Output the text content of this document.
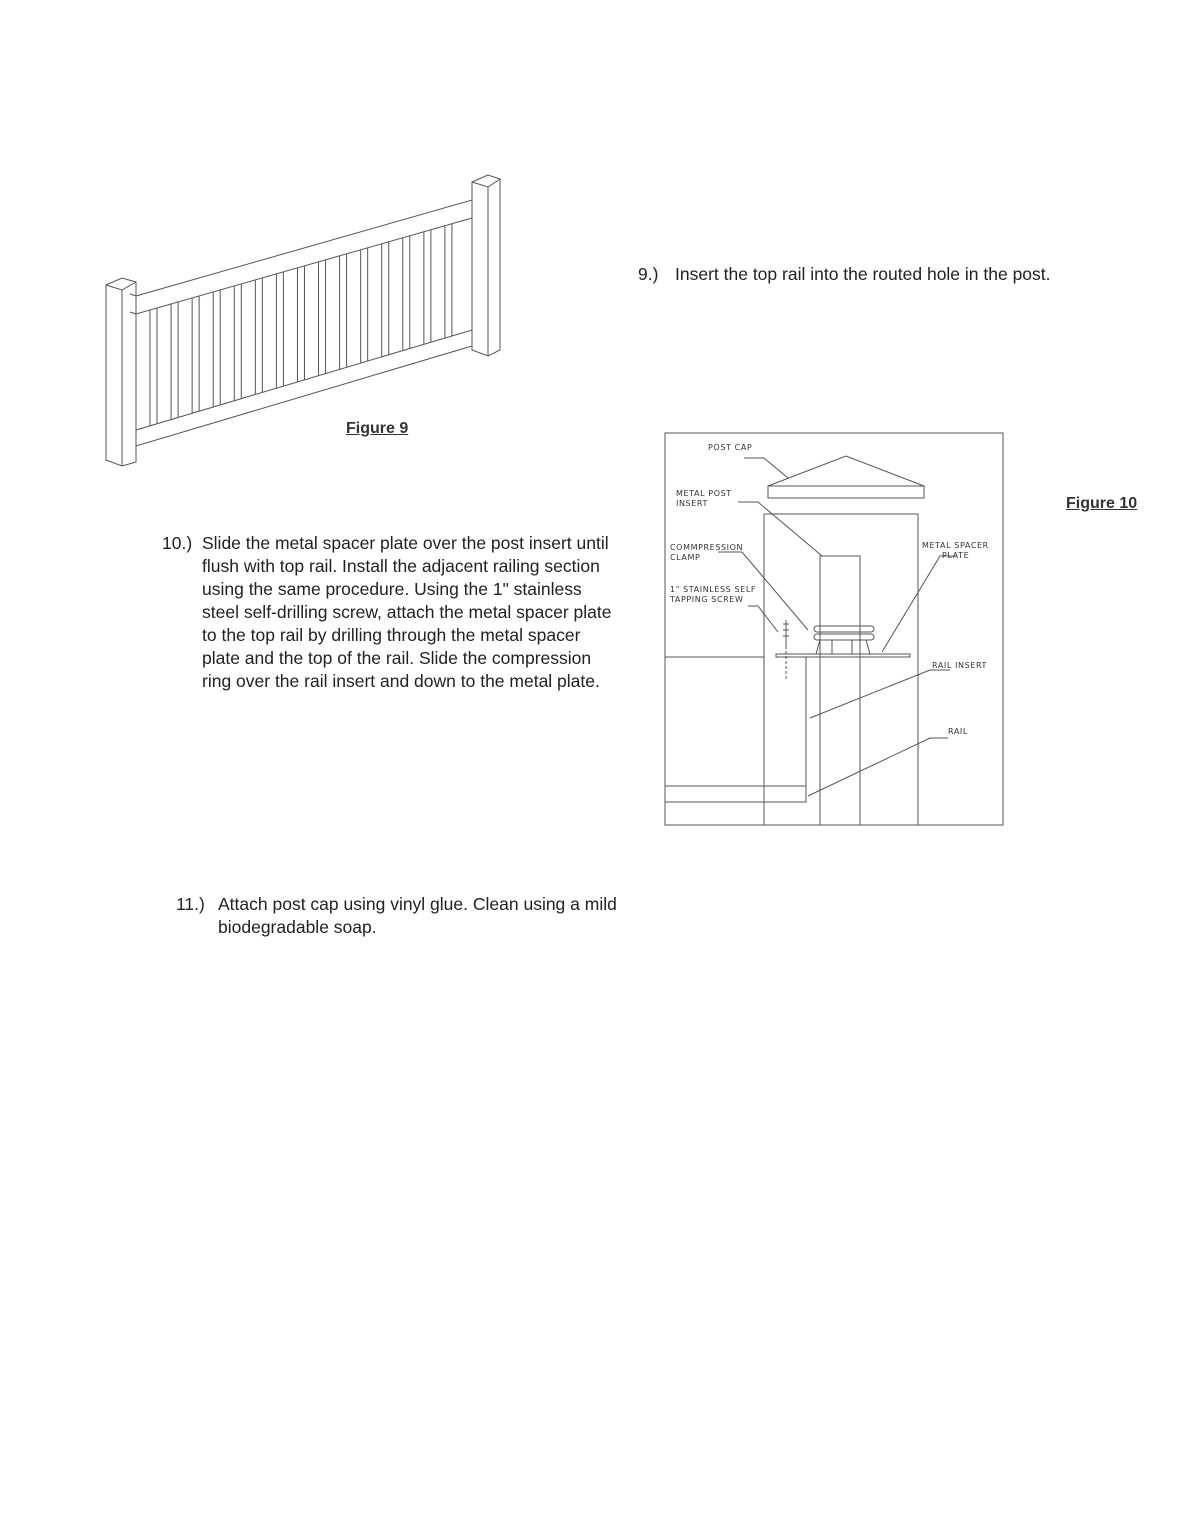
Figure 9
9.) Insert the top rail into the routed hole in the post.
POST CAP
METAL POST
INSERT
COMMPRESSION
CLAMP
1" STAINLESS SELF
TAPPING SCREW
METAL SPACER
PLATE
RAIL INSERT
RAIL
Figure 10
10.) Slide the metal spacer plate over the post insert until flush with top rail. Install the adjacent railing section using the same procedure. Using the 1" stainless steel self-drilling screw, attach the metal spacer plate to the top rail by drilling through the metal spacer plate and the top of the rail. Slide the compression ring over the rail insert and down to the metal plate.
11.) Attach post cap using vinyl glue. Clean using a mild biodegradable soap.
